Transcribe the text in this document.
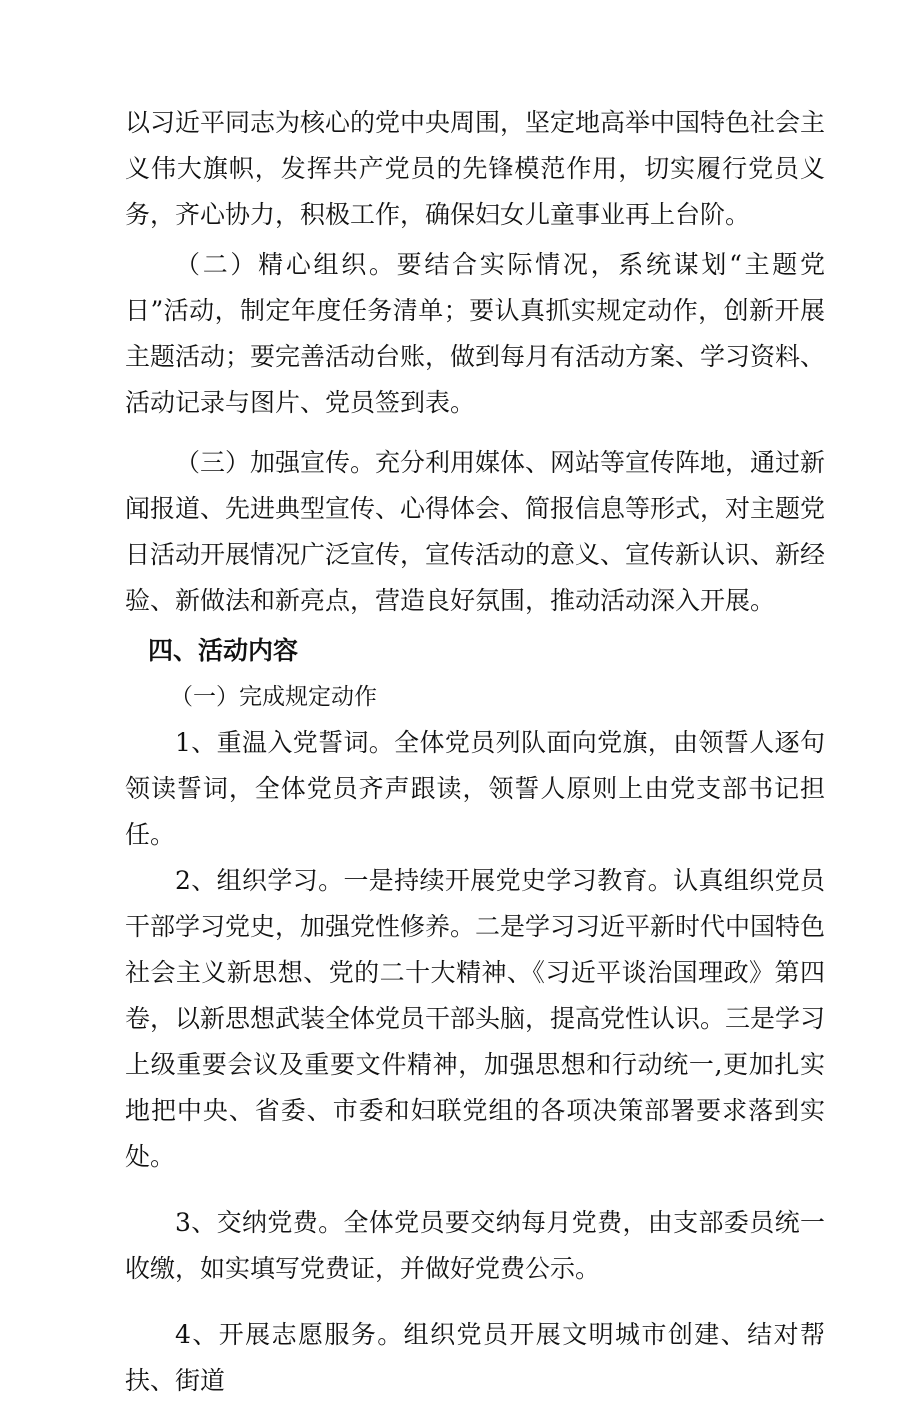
以习近平同志为核心的党中央周围，坚定地高举中国特色社会主义伟大旗帜，发挥共产党员的先锋模范作用，切实履行党员义务，齐心协力，积极工作，确保妇女儿童事业再上台阶。

（二）精心组织。要结合实际情况，系统谋划“主题党日”活动，制定年度任务清单；要认真抓实规定动作，创新开展主题活动；要完善活动台账，做到每月有活动方案、学习资料、活动记录与图片、党员签到表。

（三）加强宣传。充分利用媒体、网站等宣传阵地，通过新闻报道、先进典型宣传、心得体会、简报信息等形式，对主题党日活动开展情况广泛宣传，宣传活动的意义、宣传新认识、新经验、新做法和新亮点，营造良好氛围，推动活动深入开展。

四、活动内容

（一）完成规定动作

1、重温入党誓词。全体党员列队面向党旗，由领誓人逐句领读誓词，全体党员齐声跟读，领誓人原则上由党支部书记担任。

2、组织学习。一是持续开展党史学习教育。认真组织党员干部学习党史，加强党性修养。二是学习习近平新时代中国特色社会主义新思想、党的二十大精神、《习近平谈治国理政》第四卷，以新思想武装全体党员干部头脑，提高党性认识。三是学习上级重要会议及重要文件精神，加强思想和行动统一,更加扎实地把中央、省委、市委和妇联党组的各项决策部署要求落到实处。

3、交纳党费。全体党员要交纳每月党费，由支部委员统一收缴，如实填写党费证，并做好党费公示。

4、开展志愿服务。组织党员开展文明城市创建、结对帮扶、街道
